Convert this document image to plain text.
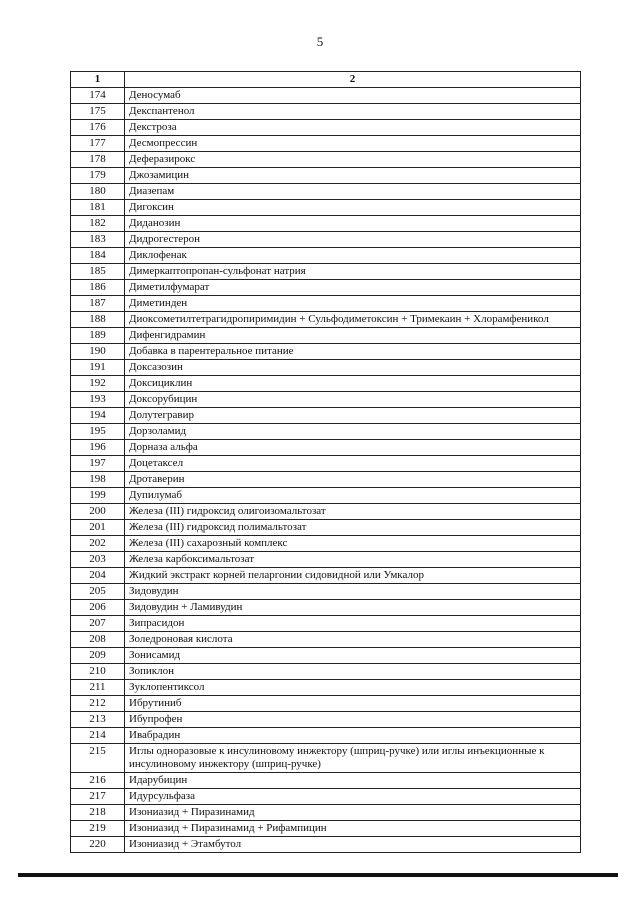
5
1	2
174	Деносумаб
175	Декспантенол
176	Декстроза
177	Десмопрессин
178	Деферазирокс
179	Джозамицин
180	Диазепам
181	Дигоксин
182	Диданозин
183	Дидрогестерон
184	Диклофенак
185	Димеркаптопропан-сульфонат натрия
186	Диметилфумарат
187	Диметинден
188	Диоксометилтетрагидропиримидин + Сульфодиметоксин + Тримекаин + Хлорамфеникол
189	Дифенгидрамин
190	Добавка в парентеральное питание
191	Доксазозин
192	Доксициклин
193	Доксорубицин
194	Долутегравир
195	Дорзоламид
196	Дорназа альфа
197	Доцетаксел
198	Дротаверин
199	Дупилумаб
200	Железа (III) гидроксид олигоизомальтозат
201	Железа (III) гидроксид полимальтозат
202	Железа (III) сахарозный комплекс
203	Железа карбоксимальтозат
204	Жидкий экстракт корней пеларгонии сидовидной или Умкалор
205	Зидовудин
206	Зидовудин + Ламивудин
207	Зипрасидон
208	Золедроновая кислота
209	Зонисамид
210	Зопиклон
211	Зуклопентиксол
212	Ибрутиниб
213	Ибупрофен
214	Ивабрадин
215	Иглы одноразовые к инсулиновому инжектору (шприц-ручке) или иглы инъекционные к инсулиновому инжектору (шприц-ручке)
216	Идарубицин
217	Идурсульфаза
218	Изониазид + Пиразинамид
219	Изониазид + Пиразинамид + Рифампицин
220	Изониазид + Этамбутол
